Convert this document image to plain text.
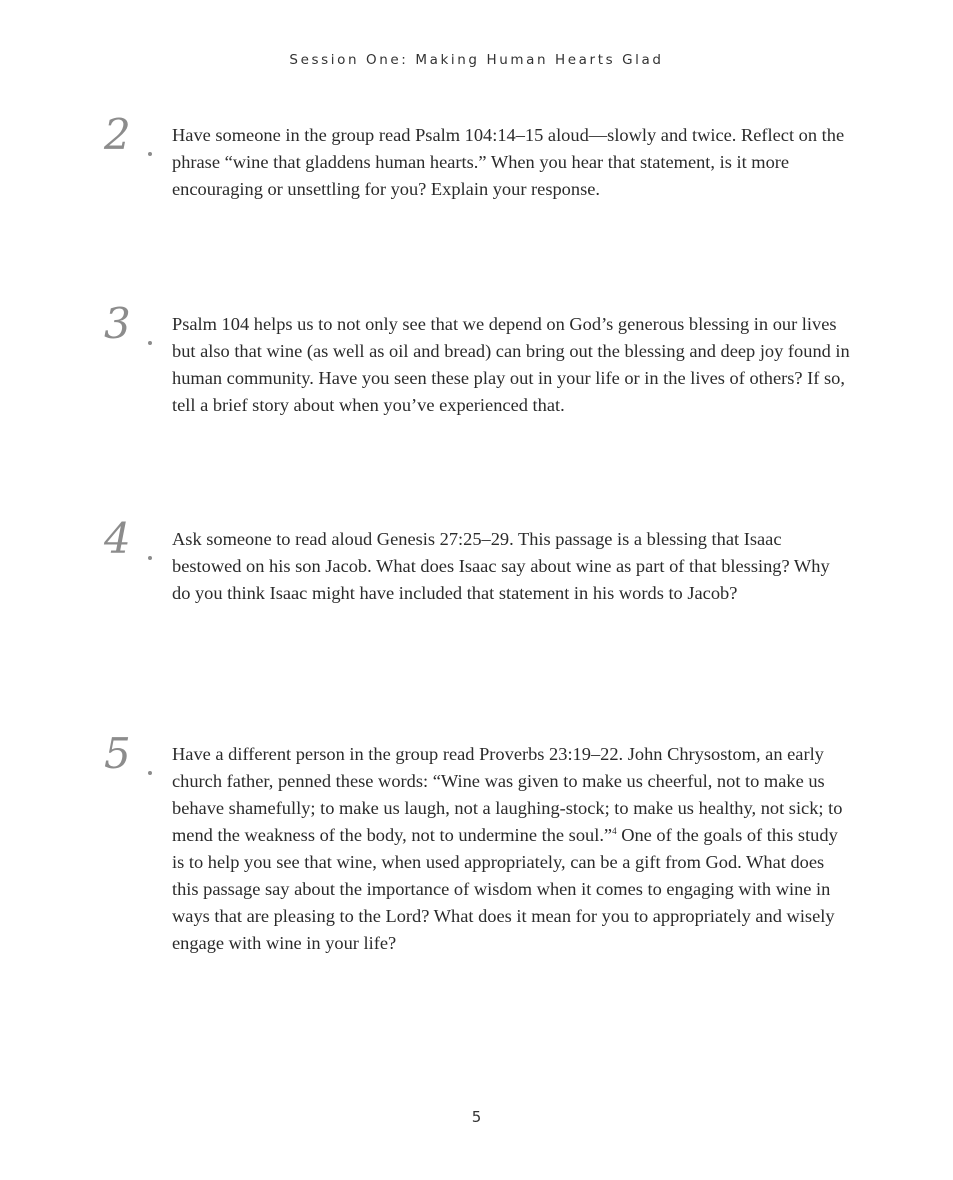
Session One: Making Human Hearts Glad
2 Have someone in the group read Psalm 104:14–15 aloud—slowly and twice. Reflect on the phrase “wine that gladdens human hearts.” When you hear that statement, is it more encouraging or unsettling for you? Explain your response.

3 Psalm 104 helps us to not only see that we depend on God’s generous blessing in our lives but also that wine (as well as oil and bread) can bring out the blessing and deep joy found in human community. Have you seen these play out in your life or in the lives of others? If so, tell a brief story about when you’ve experienced that.

4 Ask someone to read aloud Genesis 27:25–29. This passage is a blessing that Isaac bestowed on his son Jacob. What does Isaac say about wine as part of that blessing? Why do you think Isaac might have included that statement in his words to Jacob?

5 Have a different person in the group read Proverbs 23:19–22. John Chrysostom, an early church father, penned these words: “Wine was given to make us cheerful, not to make us behave shamefully; to make us laugh, not a laughing-stock; to make us healthy, not sick; to mend the weakness of the body, not to undermine the soul.”$^4$ One of the goals of this study is to help you see that wine, when used appropriately, can be a gift from God. What does this passage say about the importance of wisdom when it comes to engaging with wine in ways that are pleasing to the Lord? What does it mean for you to appropriately and wisely engage with wine in your life?

5
